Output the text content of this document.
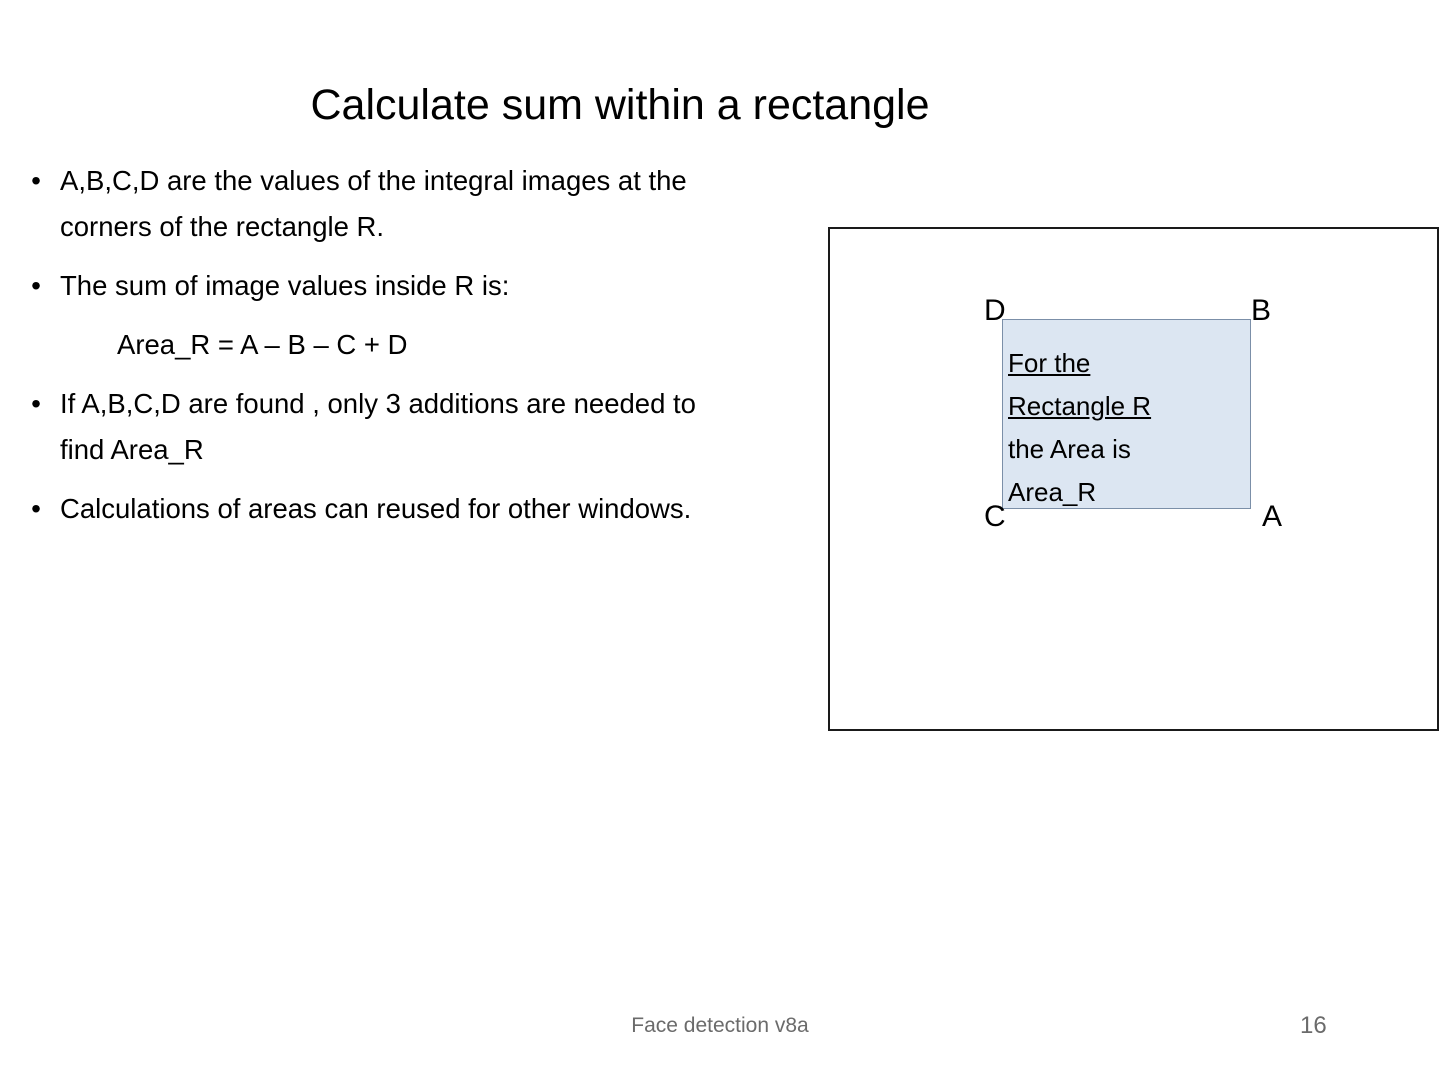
Calculate sum within a rectangle
• A,B,C,D are the values of the integral images at the corners of the rectangle R.
• The sum of image values inside R is:
Area_R = A – B – C + D
• If A,B,C,D are found , only 3 additions are needed to find Area_R
• Calculations of areas can reused for other windows.
D	B
C	A
For the
Rectangle R
the Area is
Area_R
Face detection v8a	16
